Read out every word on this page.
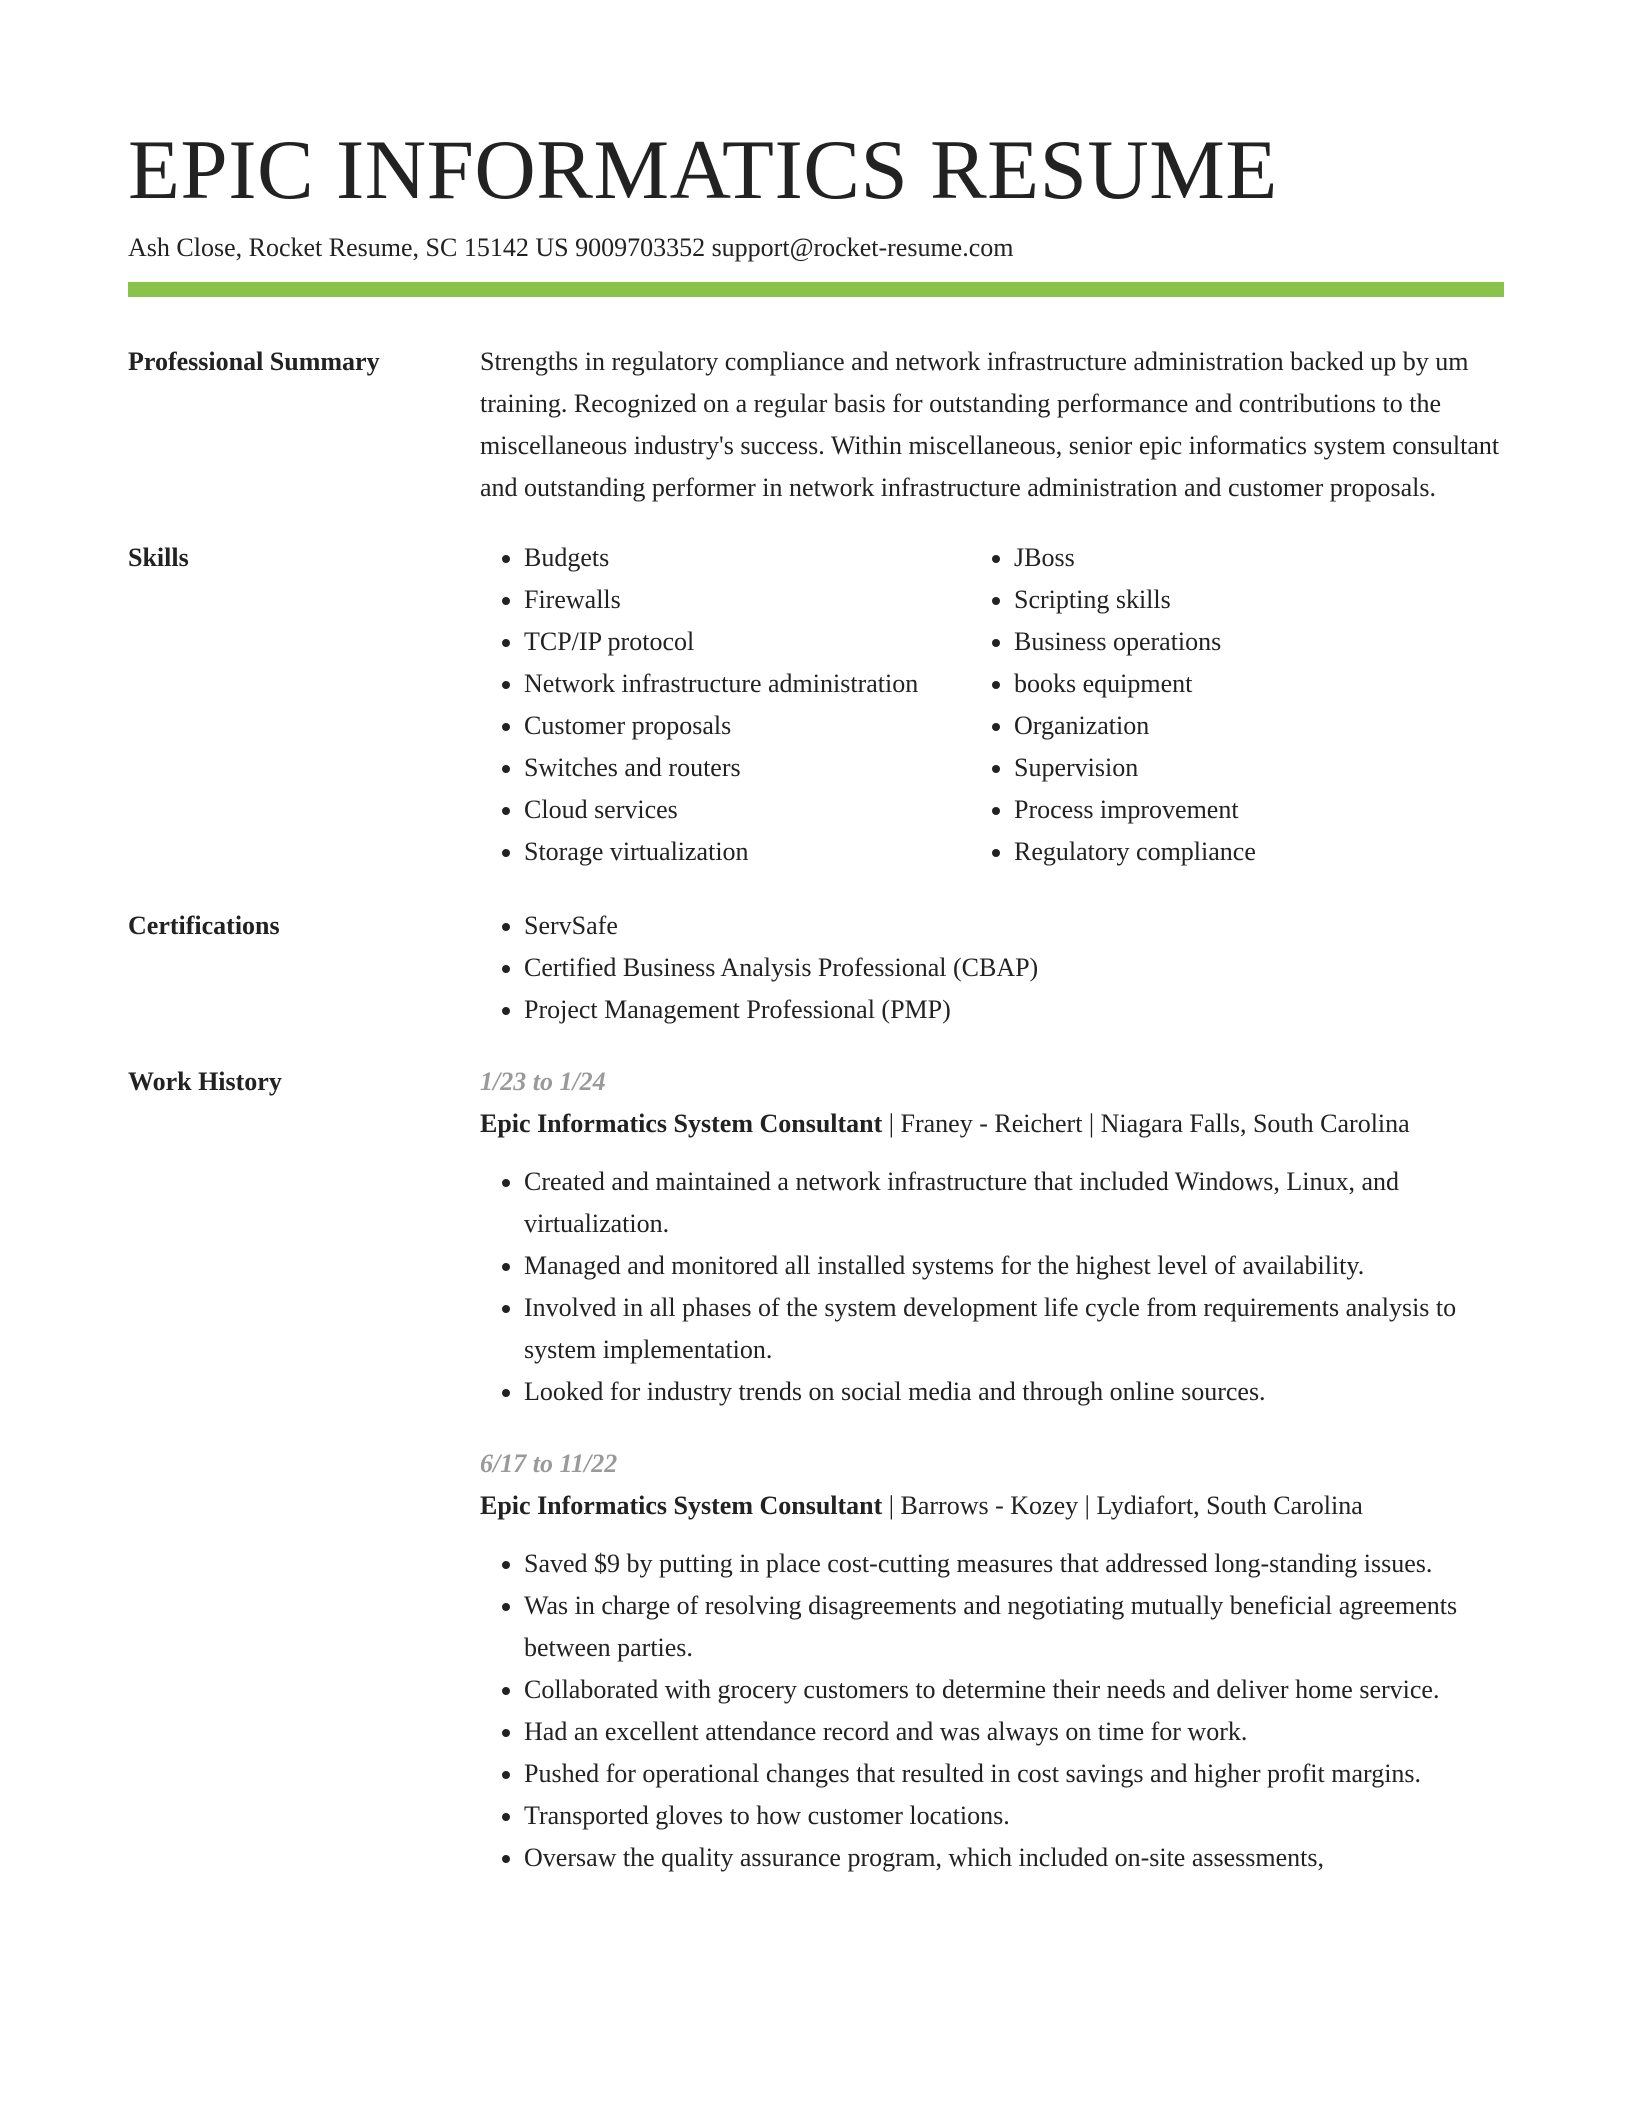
EPIC INFORMATICS RESUME
Ash Close, Rocket Resume, SC 15142 US 9009703352 support@rocket-resume.com
Professional Summary	Strengths in regulatory compliance and network infrastructure administration backed up by um training. Recognized on a regular basis for outstanding performance and contributions to the miscellaneous industry's success. Within miscellaneous, senior epic informatics system consultant and outstanding performer in network infrastructure administration and customer proposals.

Skills	• Budgets
• Firewalls
• TCP/IP protocol
• Network infrastructure administration
• Customer proposals
• Switches and routers
• Cloud services
• Storage virtualization
• JBoss
• Scripting skills
• Business operations
• books equipment
• Organization
• Supervision
• Process improvement
• Regulatory compliance
Certifications	• ServSafe
• Certified Business Analysis Professional (CBAP)
• Project Management Professional (PMP)
Work History	1/23 to 1/24
Epic Informatics System Consultant | Franey - Reichert | Niagara Falls, South Carolina
• Created and maintained a network infrastructure that included Windows, Linux, and virtualization.
• Managed and monitored all installed systems for the highest level of availability.
• Involved in all phases of the system development life cycle from requirements analysis to system implementation.
• Looked for industry trends on social media and through online sources.
6/17 to 11/22
Epic Informatics System Consultant | Barrows - Kozey | Lydiafort, South Carolina
• Saved $9 by putting in place cost-cutting measures that addressed long-standing issues.
• Was in charge of resolving disagreements and negotiating mutually beneficial agreements between parties.
• Collaborated with grocery customers to determine their needs and deliver home service.
• Had an excellent attendance record and was always on time for work.
• Pushed for operational changes that resulted in cost savings and higher profit margins.
• Transported gloves to how customer locations.
• Oversaw the quality assurance program, which included on-site assessments,
